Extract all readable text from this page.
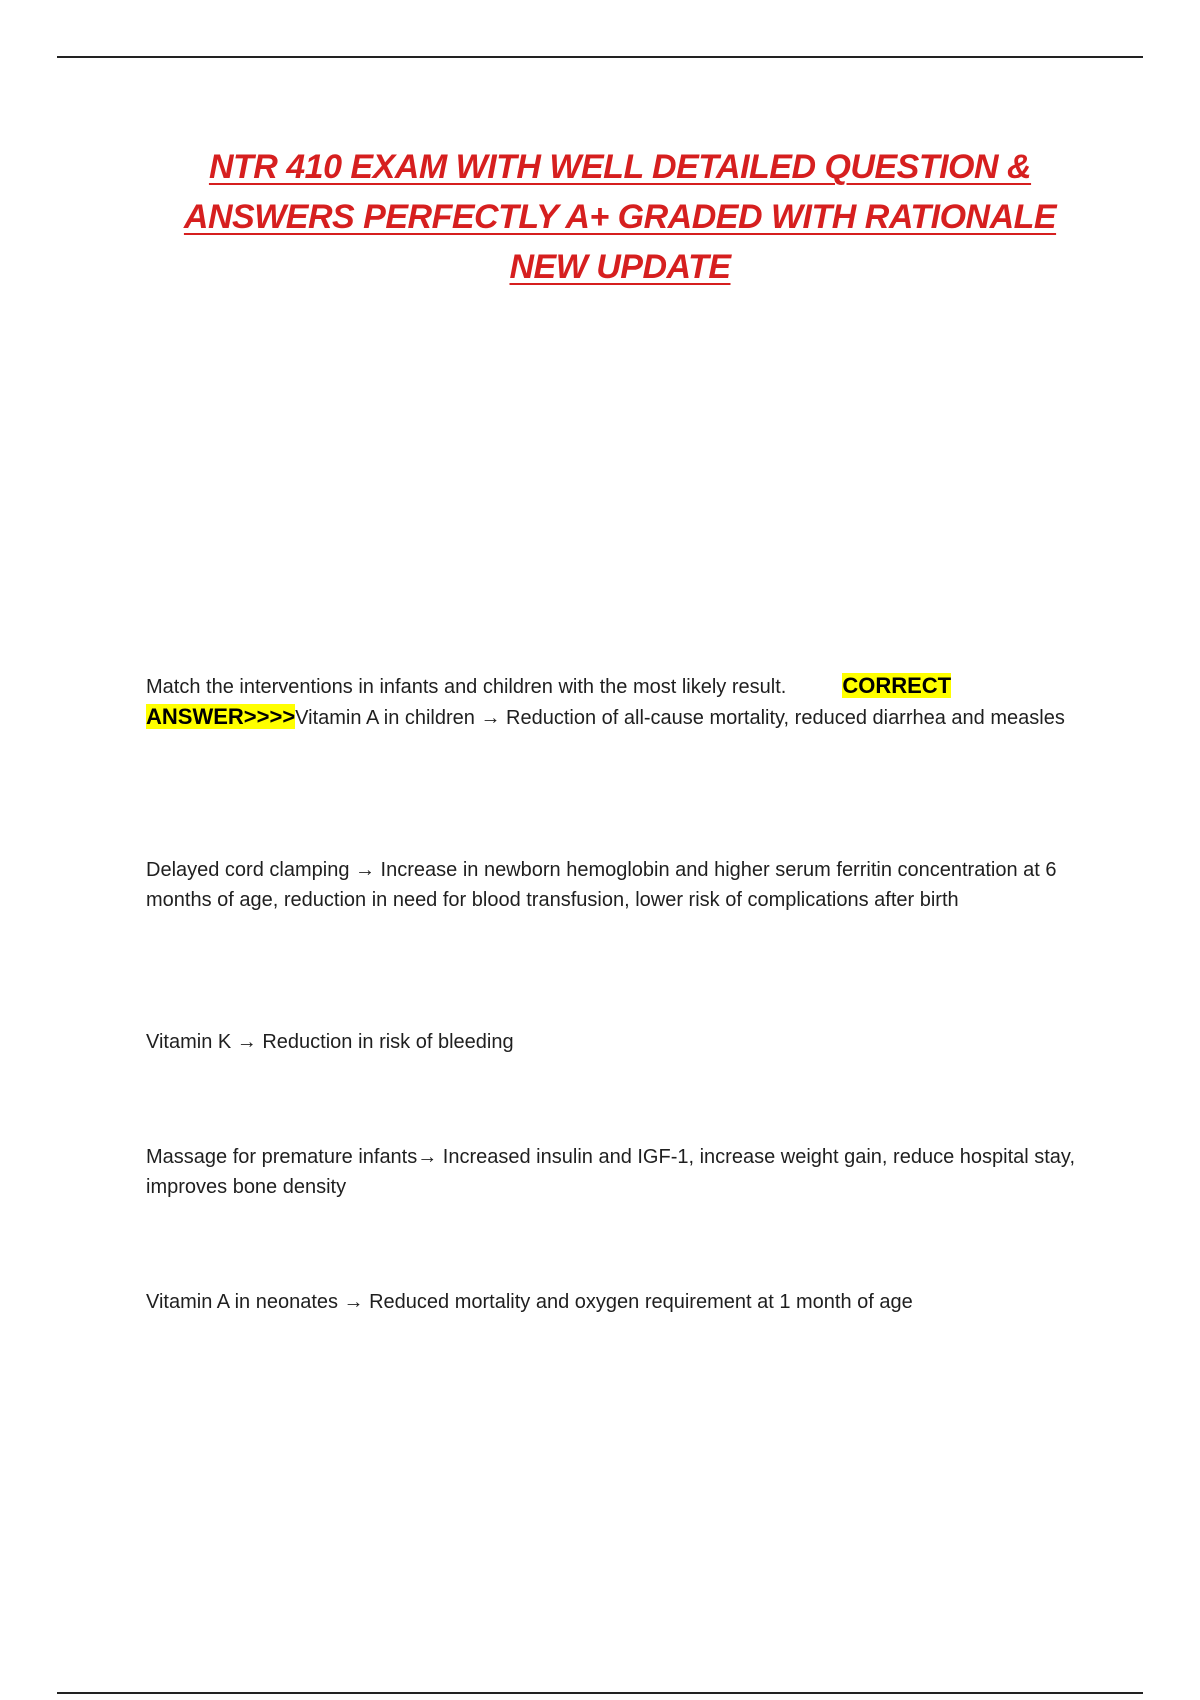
NTR 410 EXAM WITH WELL DETAILED QUESTION &
ANSWERS PERFECTLY A+ GRADED WITH RATIONALE
NEW UPDATE

Match the interventions in infants and children with the most likely result.	CORRECT
ANSWER>>>>Vitamin A in children → Reduction of all-cause mortality, reduced diarrhea and measles

Delayed cord clamping → Increase in newborn hemoglobin and higher serum ferritin concentration at 6 months of age, reduction in need for blood transfusion, lower risk of complications after birth

Vitamin K → Reduction in risk of bleeding

Massage for premature infants→ Increased insulin and IGF-1, increase weight gain, reduce hospital stay, improves bone density

Vitamin A in neonates → Reduced mortality and oxygen requirement at 1 month of age
